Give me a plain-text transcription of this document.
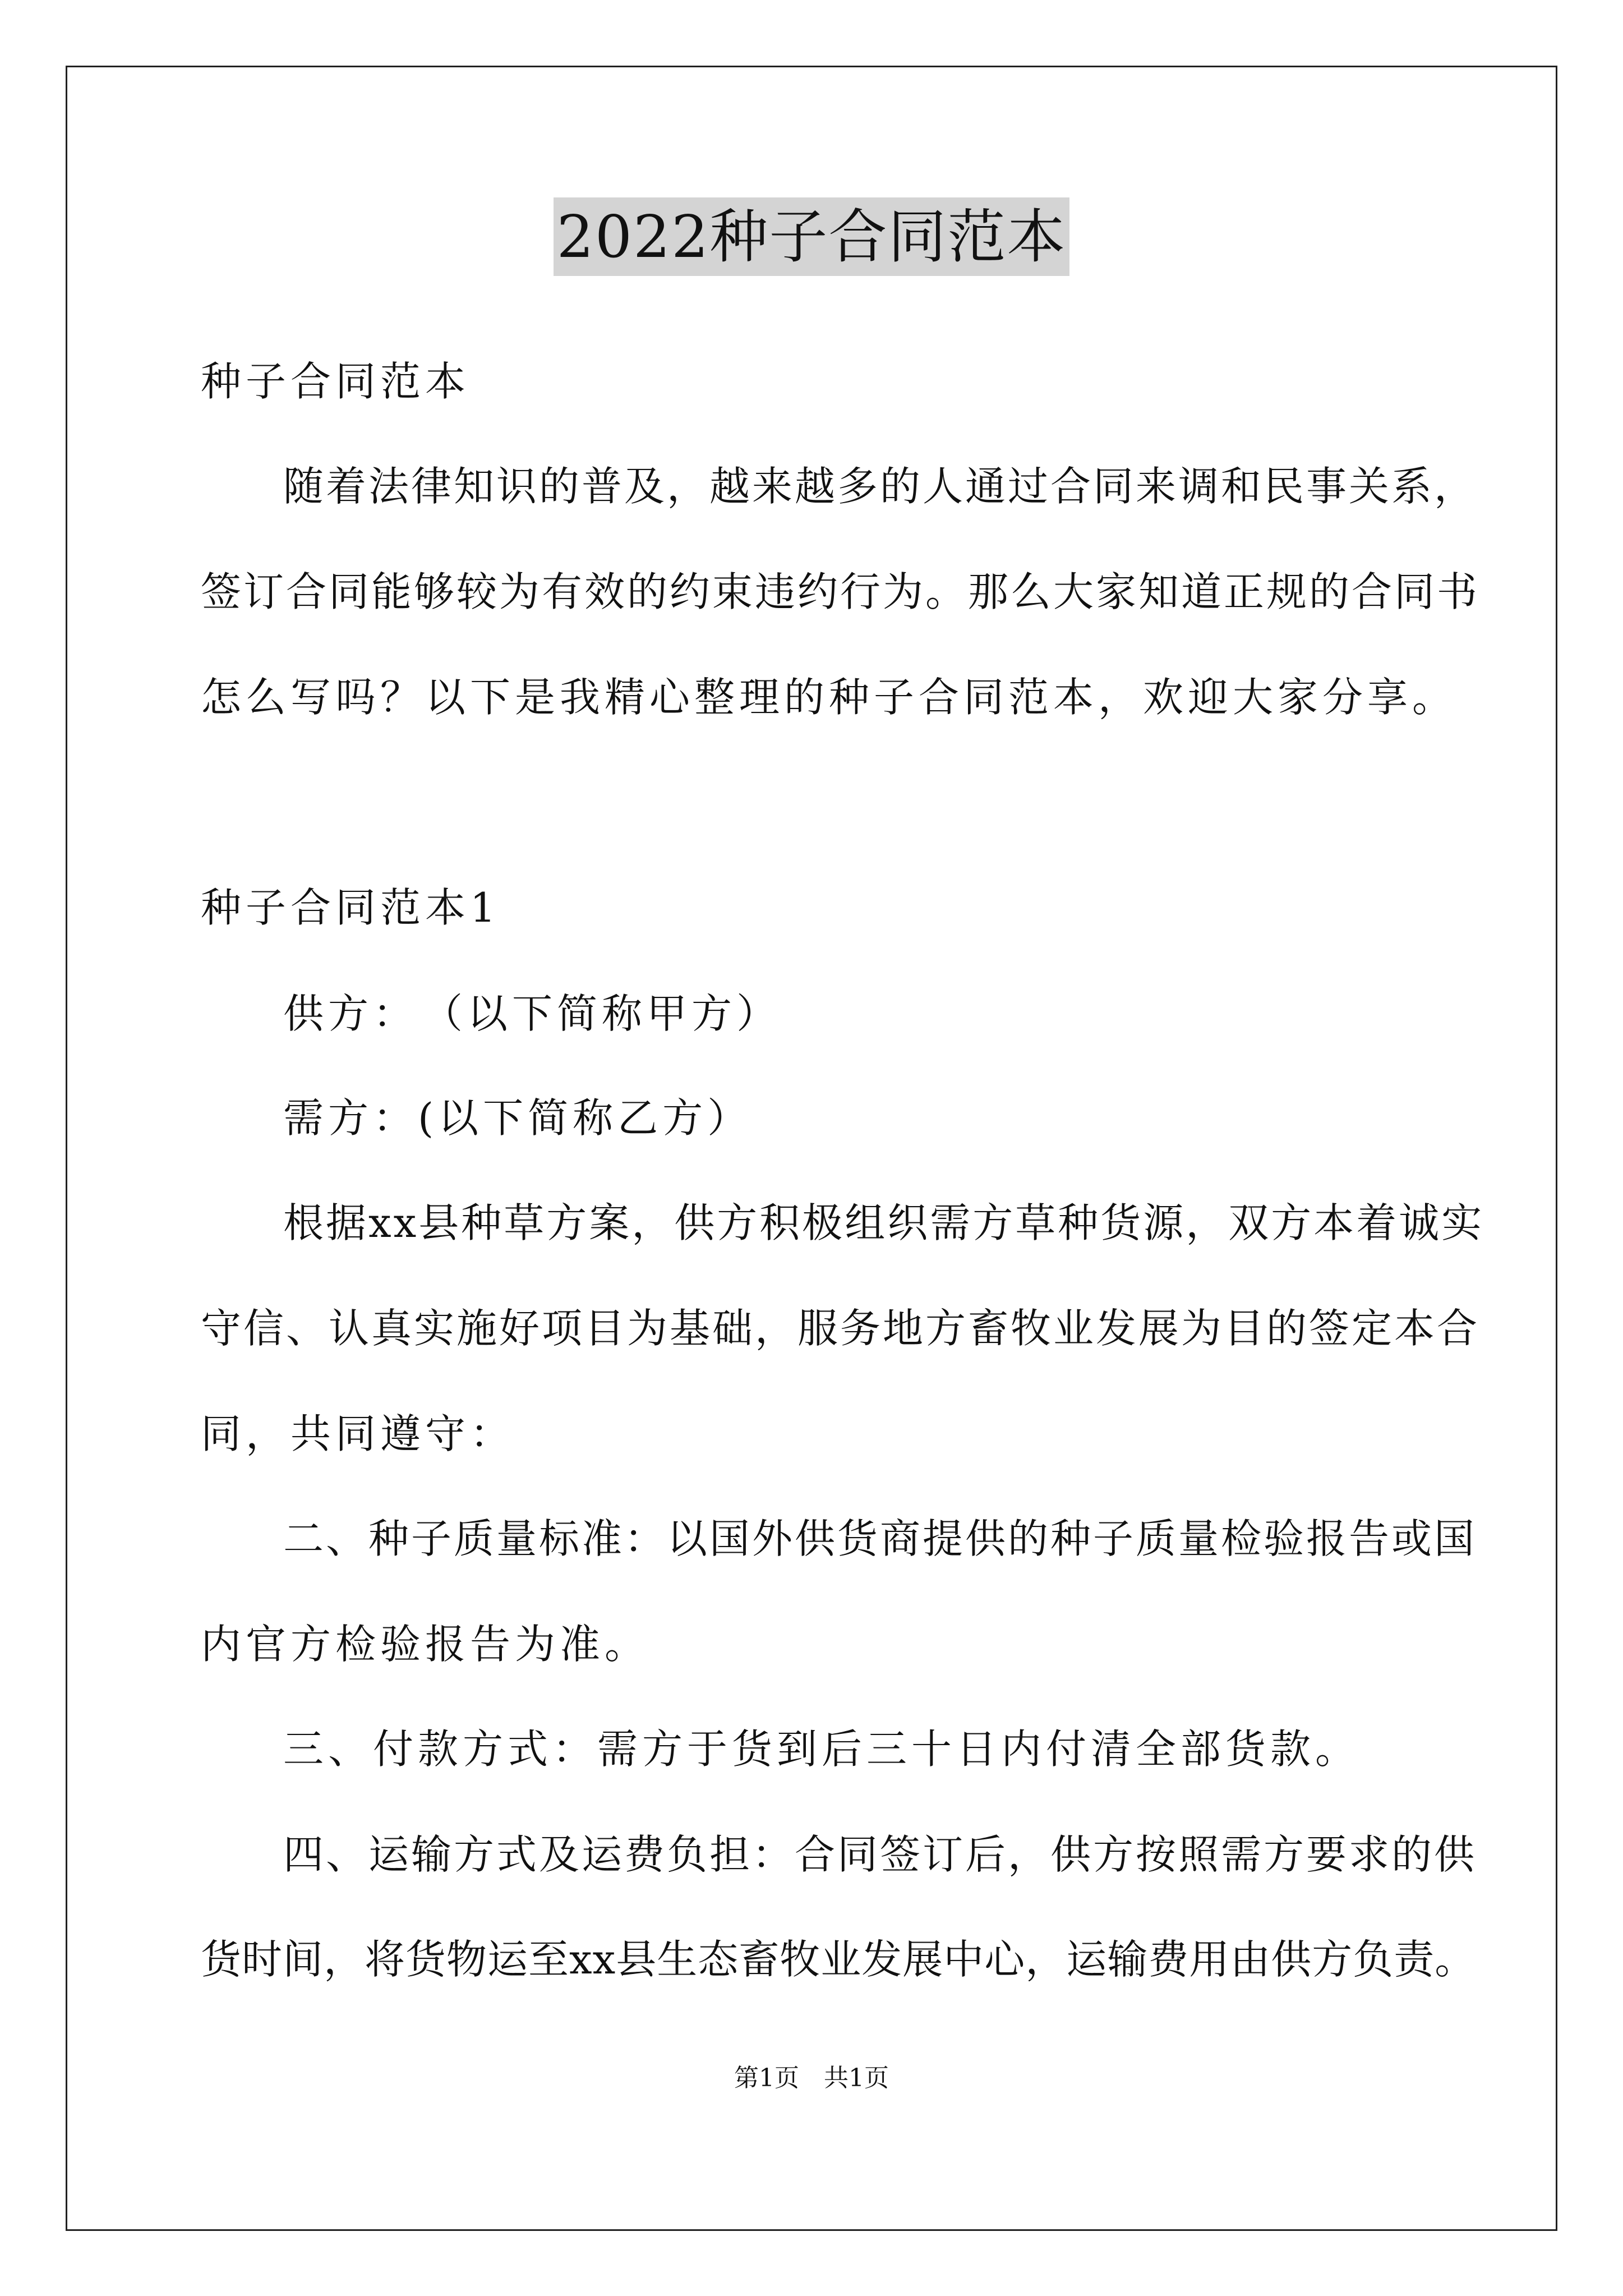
2022种子合同范本
种子合同范本
随着法律知识的普及，越来越多的人通过合同来调和民事关系，
签订合同能够较为有效的约束违约行为。那么大家知道正规的合同书
怎么写吗？以下是我精心整理的种子合同范本，欢迎大家分享。
种子合同范本1
供方：　（以下简称甲方）
需方：(以下简称乙方）
根据xx县种草方案，供方积极组织需方草种货源，双方本着诚实
守信、认真实施好项目为基础，服务地方畜牧业发展为目的签定本合
同，共同遵守：
二、种子质量标准：以国外供货商提供的种子质量检验报告或国
内官方检验报告为准。
三、付款方式：需方于货到后三十日内付清全部货款。
四、运输方式及运费负担：合同签订后，供方按照需方要求的供
货时间，将货物运至xx县生态畜牧业发展中心，运输费用由供方负责。
第1页　共1页
